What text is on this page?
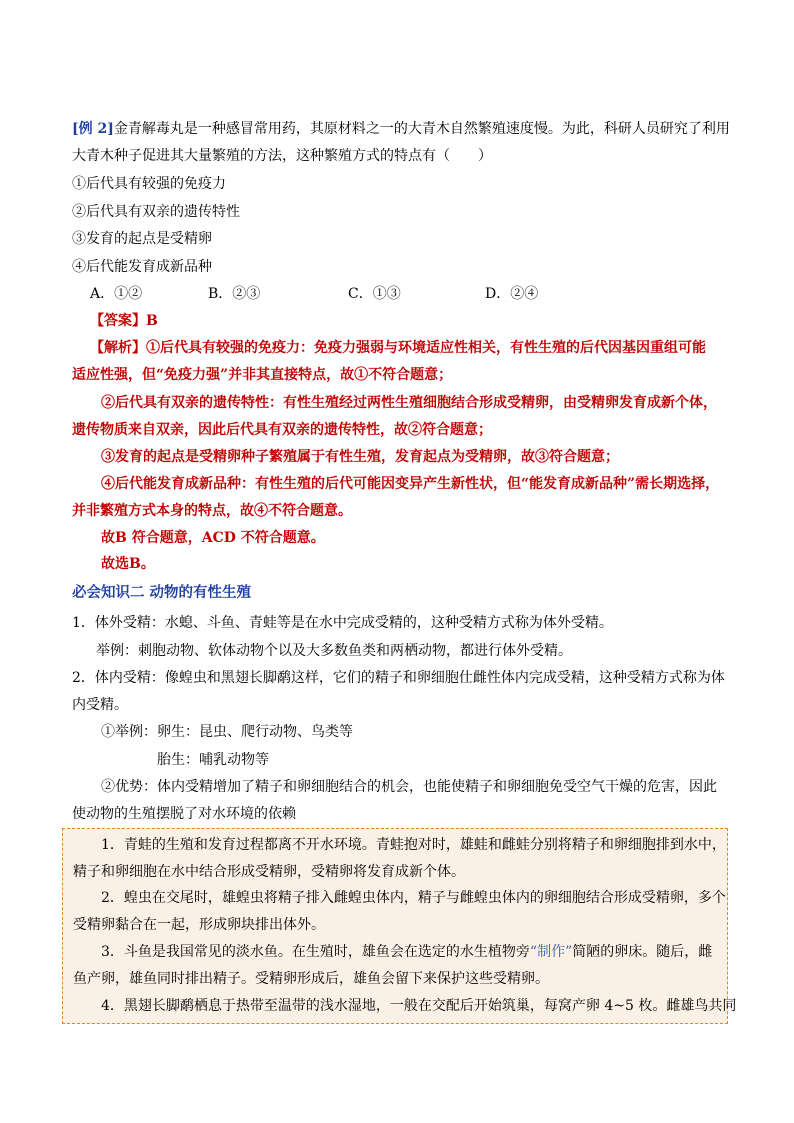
[例 2]金青解毒丸是一种感冒常用药，其原材料之一的大青木自然繁殖速度慢。为此，科研人员研究了利用
大青木种子促进其大量繁殖的方法，这种繁殖方式的特点有（　　）
①后代具有较强的免疫力
②后代具有双亲的遗传特性
③发育的起点是受精卵
④后代能发育成新品种
A．①②	B．②③	C．①③	D．②④
【答案】B
【解析】①后代具有较强的免疫力：免疫力强弱与环境适应性相关，有性生殖的后代因基因重组可能
适应性强，但“免疫力强”并非其直接特点，故①不符合题意；
②后代具有双亲的遗传特性：有性生殖经过两性生殖细胞结合形成受精卵，由受精卵发育成新个体，
遗传物质来自双亲，因此后代具有双亲的遗传特性，故②符合题意；
③发育的起点是受精卵种子繁殖属于有性生殖，发育起点为受精卵，故③符合题意；
④后代能发育成新品种：有性生殖的后代可能因变异产生新性状，但“能发育成新品种”需长期选择，
并非繁殖方式本身的特点，故④不符合题意。
故B 符合题意，ACD 不符合题意。
故选B。
必会知识二 动物的有性生殖
1．体外受精：水螅、斗鱼、青蛙等是在水中完成受精的，这种受精方式称为体外受精。
举例：刺胞动物、软体动物个以及大多数鱼类和两栖动物，都进行体外受精。
2．体内受精：像蝗虫和黑翅长脚鹬这样，它们的精子和卵细胞仕雌性体内完成受精，这种受精方式称为体
内受精。
①举例：卵生：昆虫、爬行动物、鸟类等
胎生：哺乳动物等
②优势：体内受精增加了精子和卵细胞结合的机会，也能使精子和卵细胞免受空气干燥的危害，因此
使动物的生殖摆脱了对水环境的依赖
1．青蛙的生殖和发育过程都离不开水环境。青蛙抱对时，雄蛙和雌蛙分别将精子和卵细胞排到水中，
精子和卵细胞在水中结合形成受精卵，受精卵将发育成新个体。
2．蝗虫在交尾时，雄蝗虫将精子排入雌蝗虫体内，精子与雌蝗虫体内的卵细胞结合形成受精卵，多个
受精卵黏合在一起，形成卵块排出体外。
3．斗鱼是我国常见的淡水鱼。在生殖时，雄鱼会在选定的水生植物旁“制作”简陋的卵床。随后，雌
鱼产卵，雄鱼同时排出精子。受精卵形成后，雄鱼会留下来保护这些受精卵。
4．黑翅长脚鹬栖息于热带至温带的浅水湿地，一般在交配后开始筑巢，每窝产卵 4~5 枚。雌雄鸟共同
